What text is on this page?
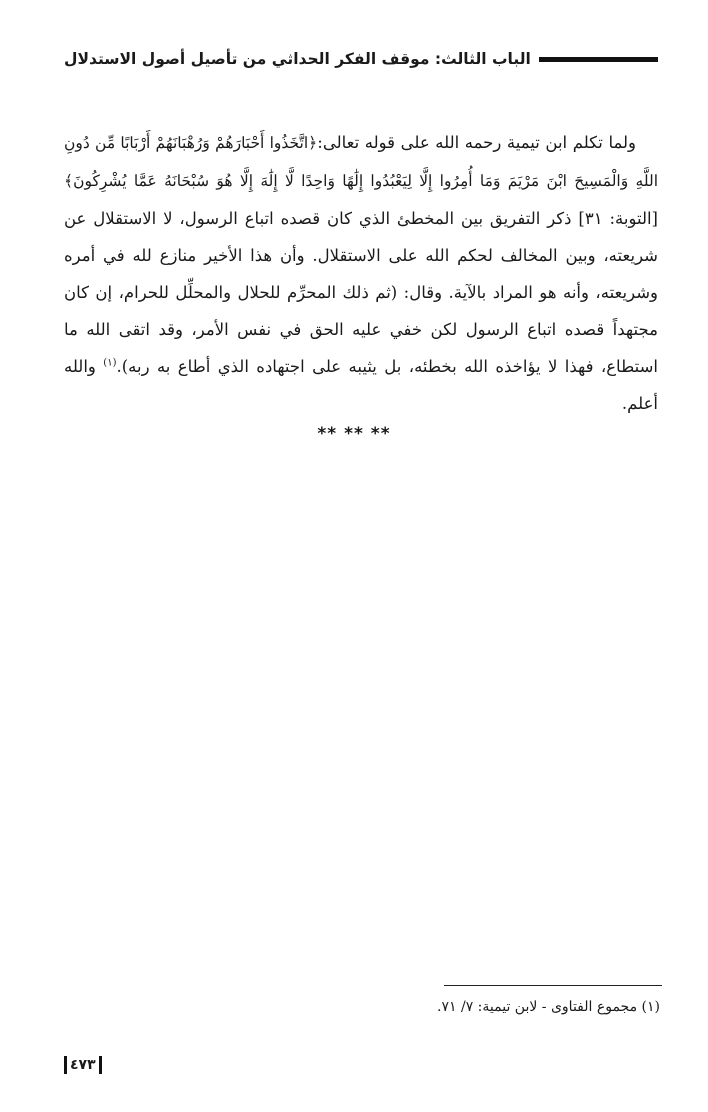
الباب الثالث: موقف الفكر الحداثي من تأصيل أصول الاستدلال

ولما تكلم ابن تيمية رحمه الله على قوله تعالى:﴿اتَّخَذُوا أَحْبَارَهُمْ وَرُهْبَانَهُمْ أَرْبَابًا مِّن دُونِ اللَّهِ وَالْمَسِيحَ ابْنَ مَرْيَمَ وَمَا أُمِرُوا إِلَّا لِيَعْبُدُوا إِلَٰهًا وَاحِدًا لَّا إِلَٰهَ إِلَّا هُوَ سُبْحَانَهُ عَمَّا يُشْرِكُونَ﴾ [التوبة: ٣١] ذكر التفريق بين المخطئ الذي كان قصده اتباع الرسول، لا الاستقلال عن شريعته، وبين المخالف لحكم الله على الاستقلال. وأن هذا الأخير منازع لله في أمره وشريعته، وأنه هو المراد بالآية. وقال: (ثم ذلك المحرِّم للحلال والمحلِّل للحرام، إن كان مجتهداً قصده اتباع الرسول لكن خفي عليه الحق في نفس الأمر، وقد اتقى الله ما استطاع، فهذا لا يؤاخذه الله بخطئه، بل يثيبه على اجتهاده الذي أطاع به ربه).$^{(١)}$ والله أعلم.

** ** **
(١) مجموع الفتاوى - لابن تيمية: ٧/ ٧١.
٤٧٣
